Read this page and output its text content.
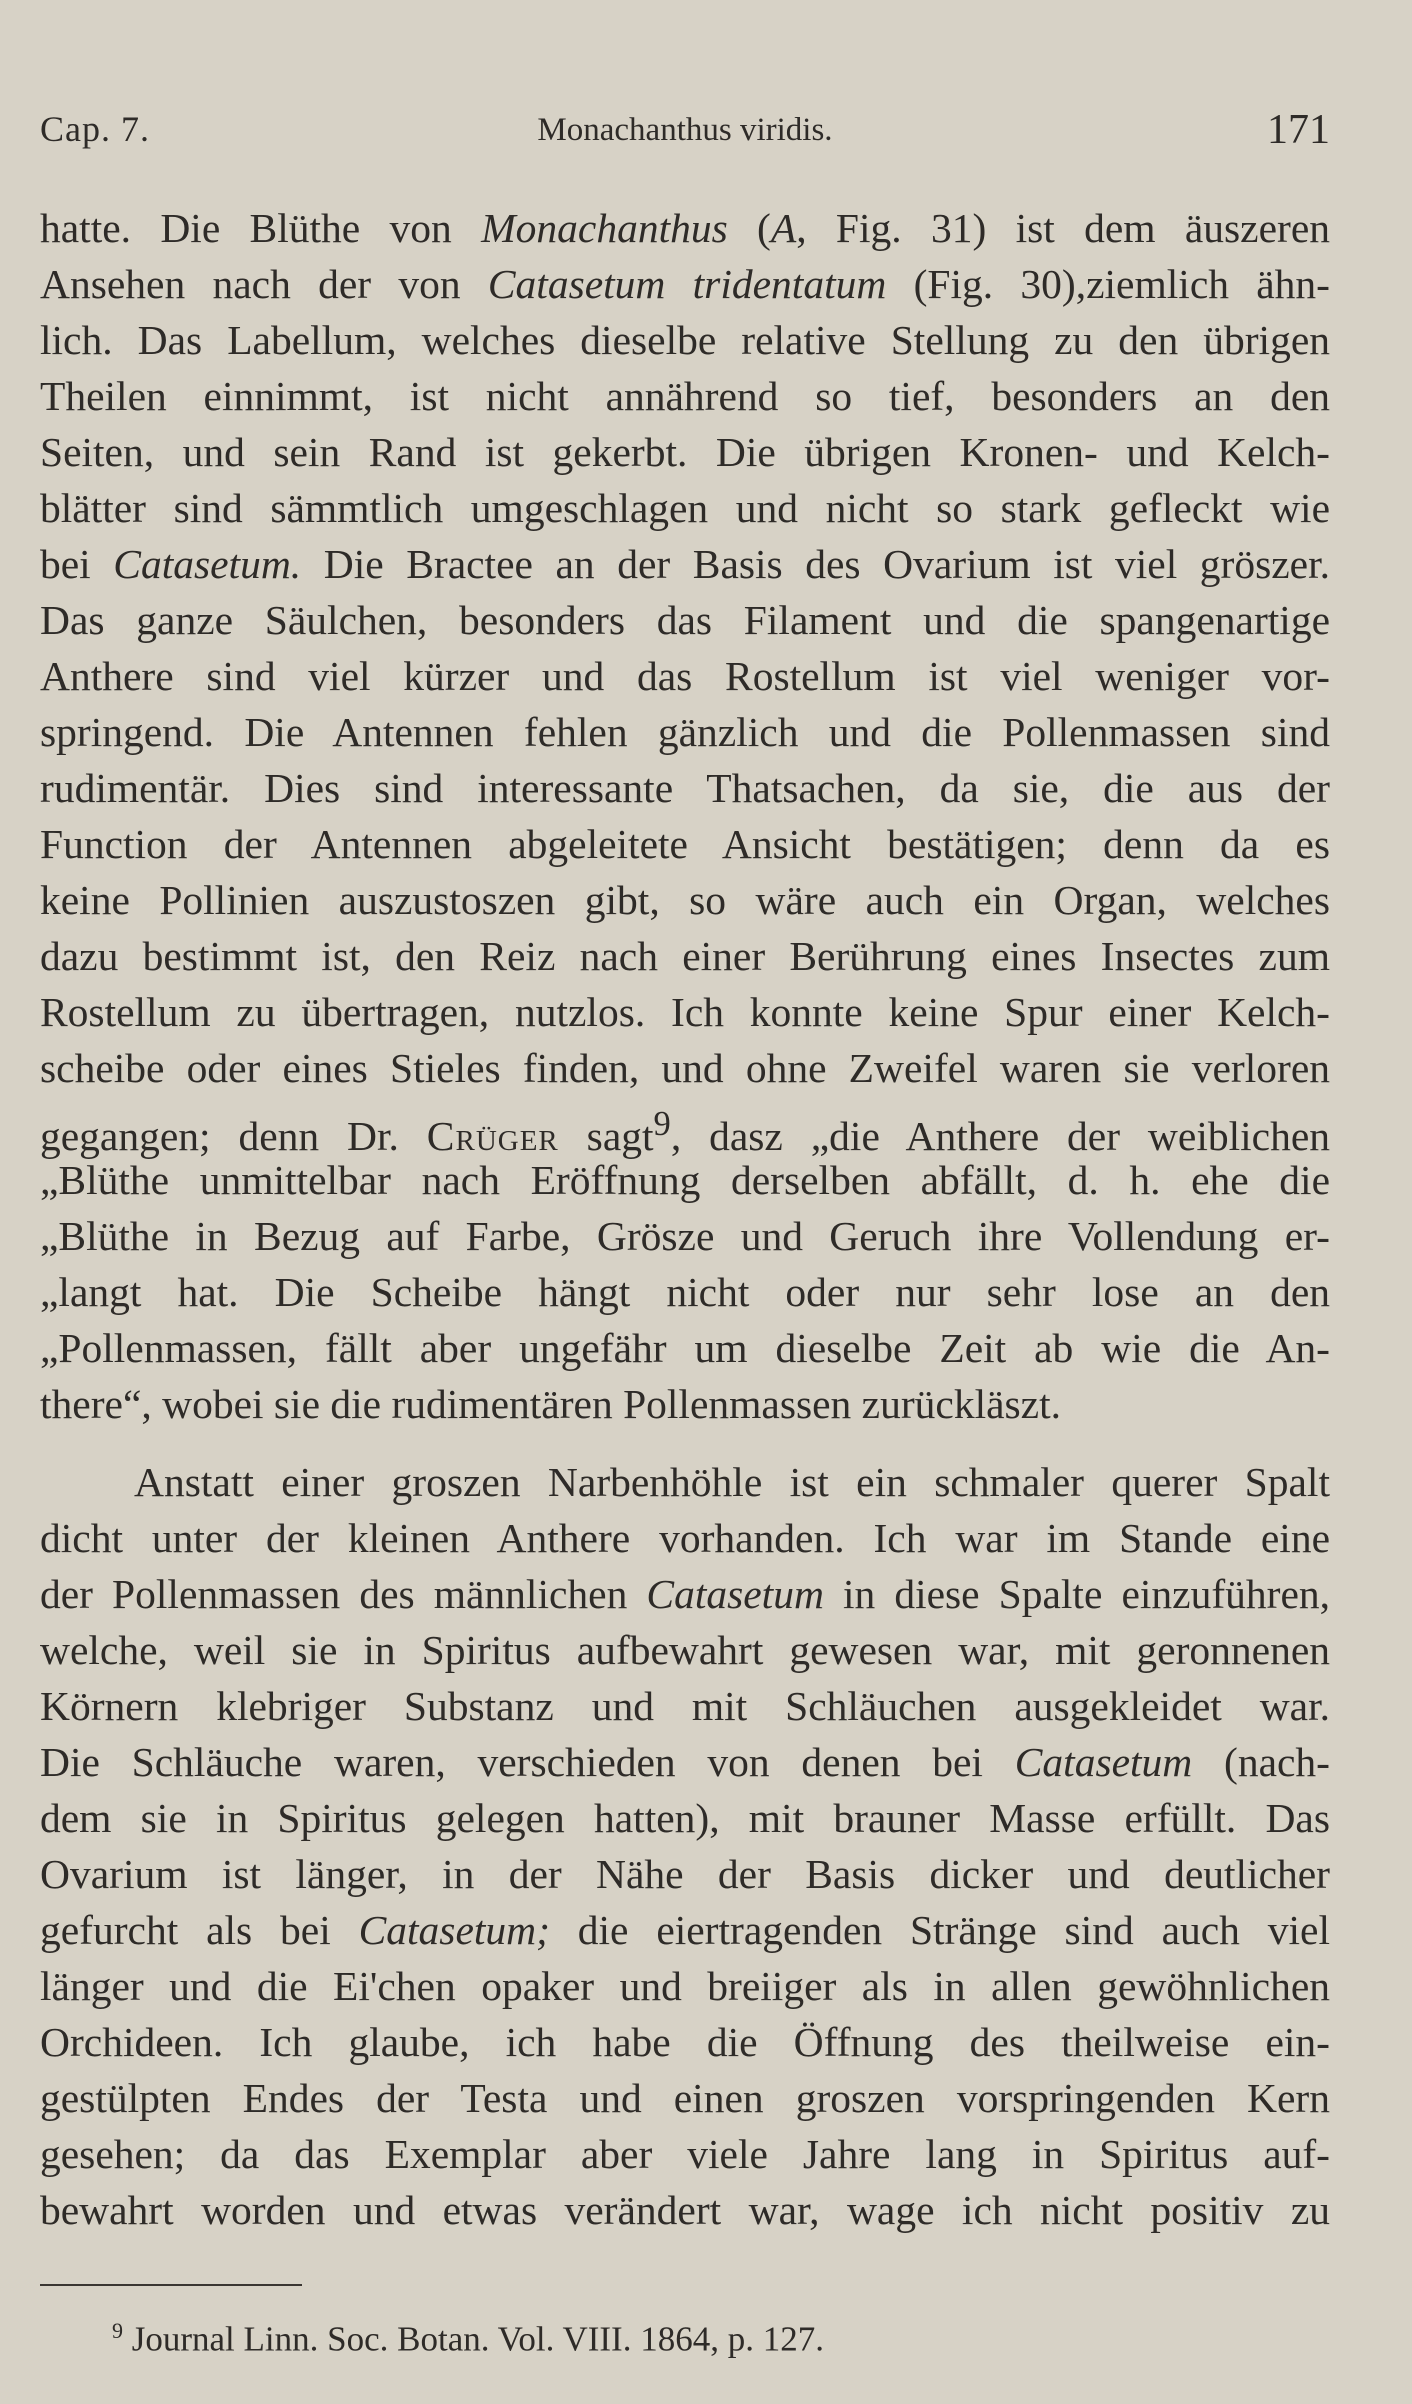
Cap. 7.	Monachanthus viridis.	171
hatte. Die Blüthe von Monachanthus (A, Fig. 31) ist dem äuszeren
Ansehen nach der von Catasetum tridentatum (Fig. 30),ziemlich ähn-
lich. Das Labellum, welches dieselbe relative Stellung zu den übrigen
Theilen einnimmt, ist nicht annährend so tief, besonders an den
Seiten, und sein Rand ist gekerbt. Die übrigen Kronen- und Kelch-
blätter sind sämmtlich umgeschlagen und nicht so stark gefleckt wie
bei Catasetum. Die Bractee an der Basis des Ovarium ist viel gröszer.
Das ganze Säulchen, besonders das Filament und die spangenartige
Anthere sind viel kürzer und das Rostellum ist viel weniger vor-
springend. Die Antennen fehlen gänzlich und die Pollenmassen sind
rudimentär. Dies sind interessante Thatsachen, da sie, die aus der
Function der Antennen abgeleitete Ansicht bestätigen; denn da es
keine Pollinien auszustoszen gibt, so wäre auch ein Organ, welches
dazu bestimmt ist, den Reiz nach einer Berührung eines Insectes zum
Rostellum zu übertragen, nutzlos. Ich konnte keine Spur einer Kelch-
scheibe oder eines Stieles finden, und ohne Zweifel waren sie verloren
gegangen; denn Dr. Crüger sagt$^9$, dasz „die Anthere der weiblichen
„Blüthe unmittelbar nach Eröffnung derselben abfällt, d. h. ehe die
„Blüthe in Bezug auf Farbe, Grösze und Geruch ihre Vollendung er-
„langt hat. Die Scheibe hängt nicht oder nur sehr lose an den
„Pollenmassen, fällt aber ungefähr um dieselbe Zeit ab wie die An-
there“, wobei sie die rudimentären Pollenmassen zurückläszt.
Anstatt einer groszen Narbenhöhle ist ein schmaler querer Spalt
dicht unter der kleinen Anthere vorhanden. Ich war im Stande eine
der Pollenmassen des männlichen Catasetum in diese Spalte einzuführen,
welche, weil sie in Spiritus aufbewahrt gewesen war, mit geronnenen
Körnern klebriger Substanz und mit Schläuchen ausgekleidet war.
Die Schläuche waren, verschieden von denen bei Catasetum (nach-
dem sie in Spiritus gelegen hatten), mit brauner Masse erfüllt. Das
Ovarium ist länger, in der Nähe der Basis dicker und deutlicher
gefurcht als bei Catasetum; die eiertragenden Stränge sind auch viel
länger und die Ei'chen opaker und breiiger als in allen gewöhnlichen
Orchideen. Ich glaube, ich habe die Öffnung des theilweise ein-
gestülpten Endes der Testa und einen groszen vorspringenden Kern
gesehen; da das Exemplar aber viele Jahre lang in Spiritus auf-
bewahrt worden und etwas verändert war, wage ich nicht positiv zu
$^9$ Journal Linn. Soc. Botan. Vol. VIII. 1864, p. 127.
